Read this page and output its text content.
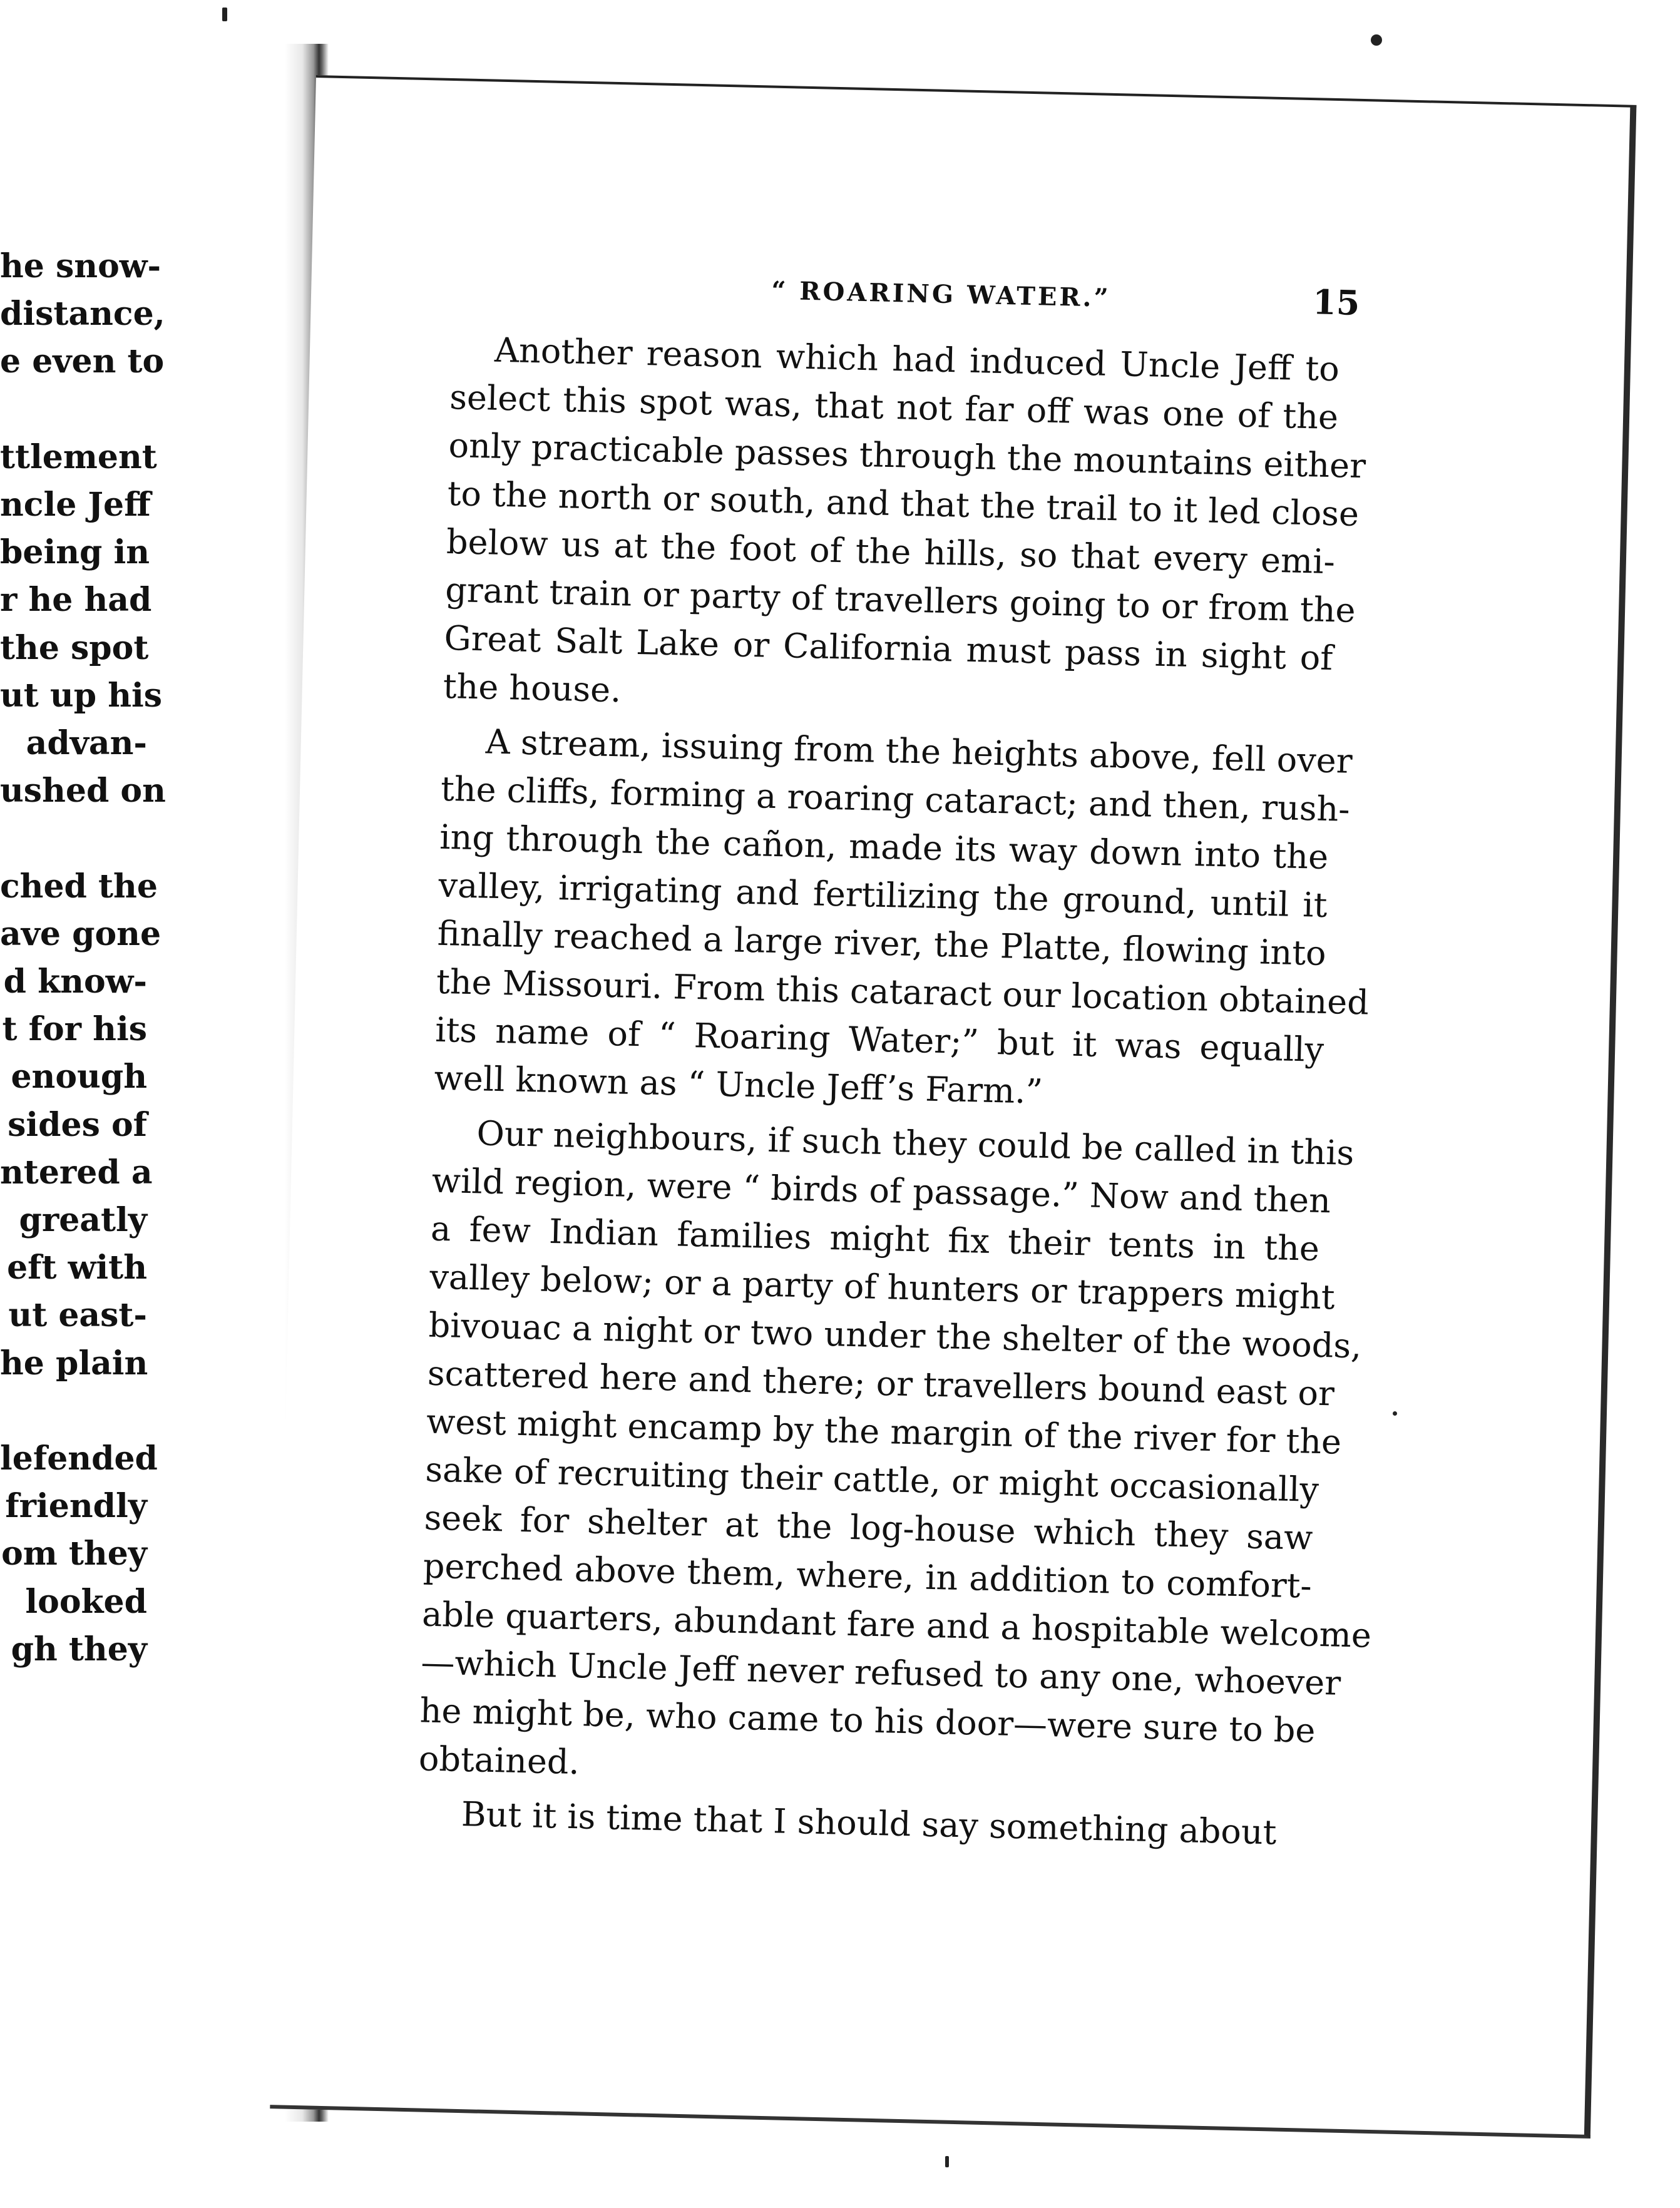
he snow-
distance,
e even to
ttlement
ncle Jeff
being in
r he had
the spot
ut up his
advan-
ushed on
ched the
ave gone
d know-
t for his
enough
sides of
ntered a
greatly
eft with
ut east-
he plain
lefended
friendly
om they
looked
gh they
“ ROARING WATER.”	15
Another reason which had induced Uncle Jeff to
select this spot was, that not far off was one of the
only practicable passes through the mountains either
to the north or south, and that the trail to it led close
below us at the foot of the hills, so that every emi-
grant train or party of travellers going to or from the
Great Salt Lake or California must pass in sight of
the house.
A stream, issuing from the heights above, fell over
the cliffs, forming a roaring cataract; and then, rush-
ing through the cañon, made its way down into the
valley, irrigating and fertilizing the ground, until it
finally reached a large river, the Platte, flowing into
the Missouri. From this cataract our location obtained
its name of “ Roaring Water;” but it was equally
well known as “ Uncle Jeff’s Farm.”
Our neighbours, if such they could be called in this
wild region, were “ birds of passage.” Now and then
a few Indian families might fix their tents in the
valley below; or a party of hunters or trappers might
bivouac a night or two under the shelter of the woods,
scattered here and there; or travellers bound east or
west might encamp by the margin of the river for the
sake of recruiting their cattle, or might occasionally
seek for shelter at the log-house which they saw
perched above them, where, in addition to comfort-
able quarters, abundant fare and a hospitable welcome
—which Uncle Jeff never refused to any one, whoever
he might be, who came to his door—were sure to be
obtained.
But it is time that I should say something about
